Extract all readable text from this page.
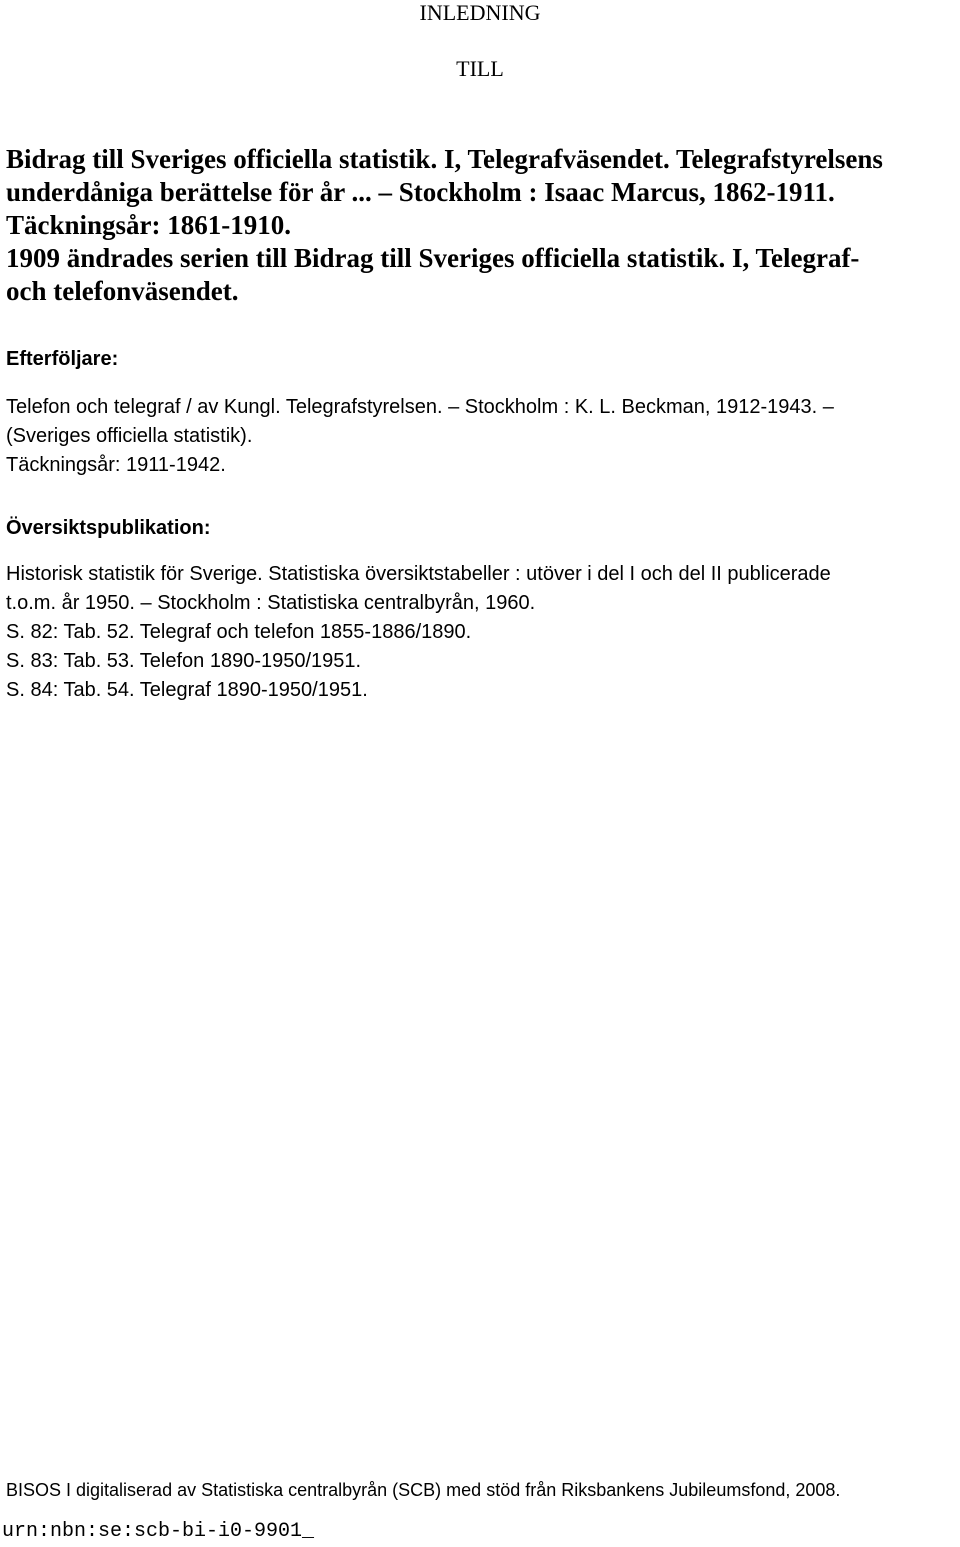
INLEDNING
TILL
Bidrag till Sveriges officiella statistik. I, Telegrafväsendet. Telegrafstyrelsens
underdåniga berättelse för år ... – Stockholm : Isaac Marcus, 1862-1911.
Täckningsår: 1861-1910.
1909 ändrades serien till Bidrag till Sveriges officiella statistik. I, Telegraf-
och telefonväsendet.
Efterföljare:
Telefon och telegraf / av Kungl. Telegrafstyrelsen. – Stockholm : K. L. Beckman, 1912-1943. –
(Sveriges officiella statistik).
Täckningsår: 1911-1942.
Översiktspublikation:
Historisk statistik för Sverige. Statistiska översiktstabeller : utöver i del I och del II publicerade
t.o.m. år 1950. – Stockholm : Statistiska centralbyrån, 1960.
S. 82: Tab. 52. Telegraf och telefon 1855-1886/1890.
S. 83: Tab. 53. Telefon 1890-1950/1951.
S. 84: Tab. 54. Telegraf 1890-1950/1951.
BISOS I digitaliserad av Statistiska centralbyrån (SCB) med stöd från Riksbankens Jubileumsfond, 2008.
urn:nbn:se:scb-bi-i0-9901_
